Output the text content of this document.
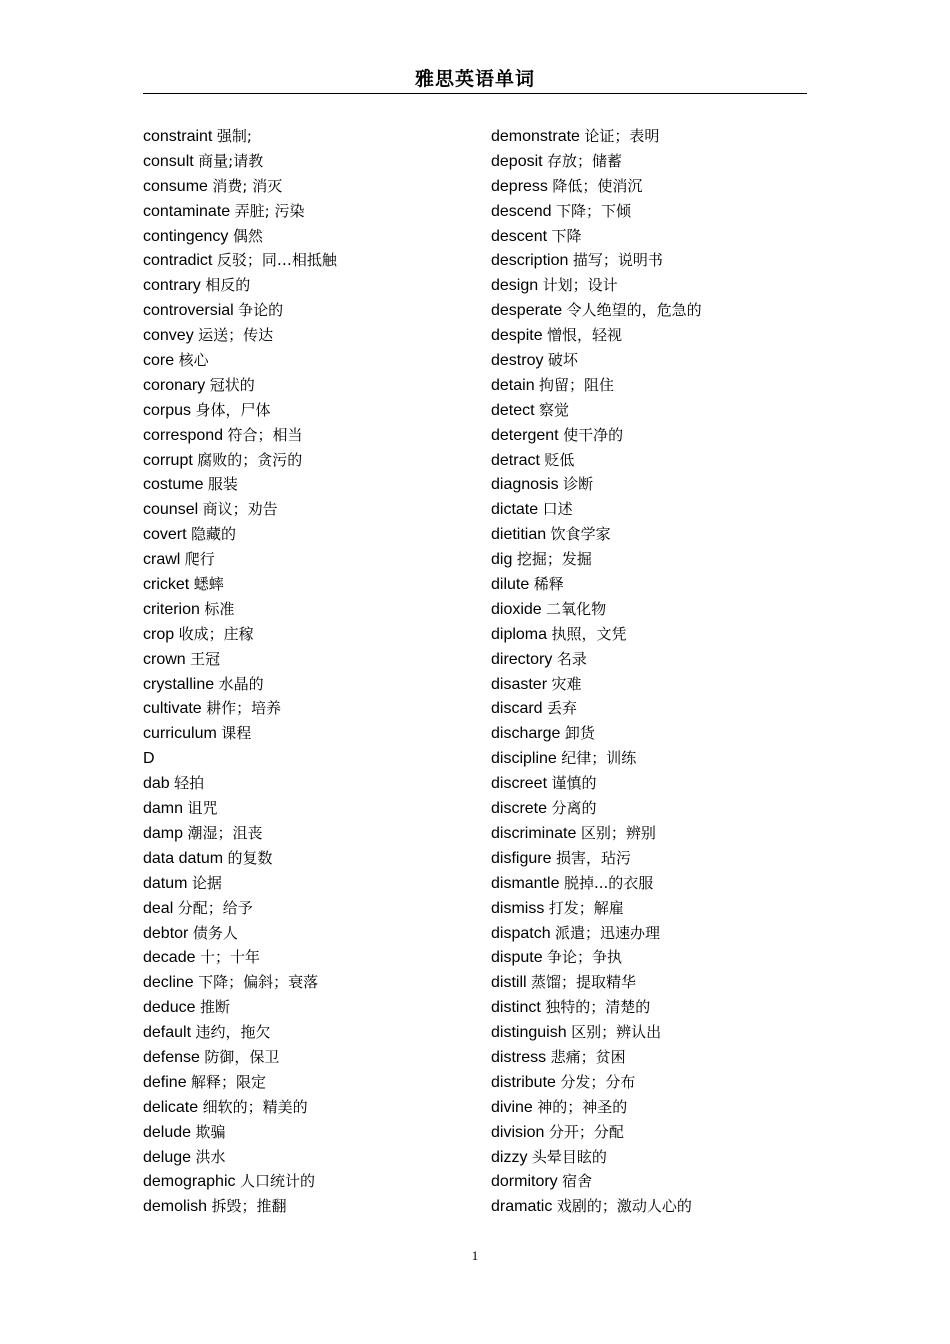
雅思英语单词
constraint 强制;
consult 商量;请教
consume 消费; 消灭
contaminate 弄脏; 污染
contingency 偶然
contradict 反驳；同…相抵触
contrary 相反的
controversial 争论的
convey 运送；传达
core 核心
coronary 冠状的
corpus 身体，尸体
correspond 符合；相当
corrupt 腐败的；贪污的
costume 服装
counsel 商议；劝告
covert 隐藏的
crawl 爬行
cricket 蟋蟀
criterion 标准
crop 收成；庄稼
crown 王冠
crystalline 水晶的
cultivate 耕作；培养
curriculum 课程
D
dab 轻拍
damn 诅咒
damp 潮湿；沮丧
data datum 的复数
datum 论据
deal 分配；给予
debtor 债务人
decade 十；十年
decline 下降；偏斜；衰落
deduce 推断
default 违约，拖欠
defense 防御，保卫
define 解释；限定
delicate 细软的；精美的
delude 欺骗
deluge 洪水
demographic 人口统计的
demolish 拆毁；推翻
demonstrate 论证；表明
deposit 存放；储蓄
depress 降低；使消沉
descend 下降；下倾
descent 下降
description 描写；说明书
design 计划；设计
desperate 令人绝望的，危急的
despite 憎恨，轻视
destroy 破坏
detain 拘留；阻住
detect 察觉
detergent 使干净的
detract 贬低
diagnosis 诊断
dictate 口述
dietitian 饮食学家
dig 挖掘；发掘
dilute 稀释
dioxide 二氧化物
diploma 执照，文凭
directory 名录
disaster 灾难
discard 丢弃
discharge 卸货
discipline 纪律；训练
discreet 谨慎的
discrete 分离的
discriminate 区别；辨别
disfigure 损害，玷污
dismantle 脱掉...的衣服
dismiss 打发；解雇
dispatch 派遣；迅速办理
dispute 争论；争执
distill 蒸馏；提取精华
distinct 独特的；清楚的
distinguish 区别；辨认出
distress 悲痛；贫困
distribute 分发；分布
divine 神的；神圣的
division 分开；分配
dizzy 头晕目眩的
dormitory 宿舍
dramatic 戏剧的；激动人心的
1
